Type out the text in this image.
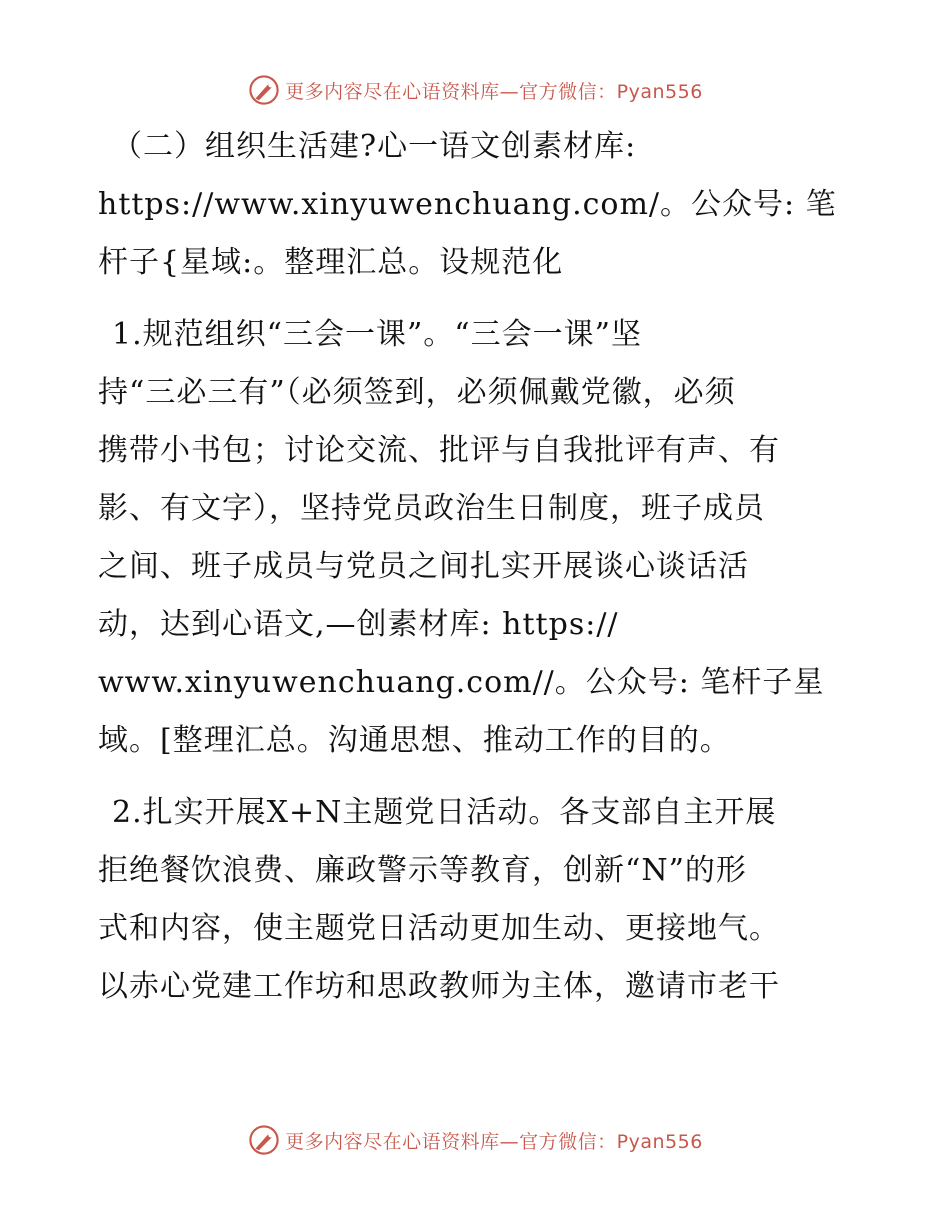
更多内容尽在心语资料库—官方微信：Pyan556
（二）组织生活建?心一语文创素材库:
https://www.xinyuwenchuang.com/。公众号: 笔
杆子{星域:。整理汇总。设规范化
1.规范组织“三会一课”。“三会一课”坚
持“三必三有”（必须签到，必须佩戴党徽，必须
携带小书包；讨论交流、批评与自我批评有声、有
影、有文字），坚持党员政治生日制度，班子成员
之间、班子成员与党员之间扎实开展谈心谈话活
动，达到心语文,—创素材库: https://
www.xinyuwenchuang.com//。公众号: 笔杆子星
域。[整理汇总。沟通思想、推动工作的目的。
2.扎实开展X+N主题党日活动。各支部自主开展
拒绝餐饮浪费、廉政警示等教育，创新“N”的形
式和内容，使主题党日活动更加生动、更接地气。
以赤心党建工作坊和思政教师为主体，邀请市老干
更多内容尽在心语资料库—官方微信：Pyan556
